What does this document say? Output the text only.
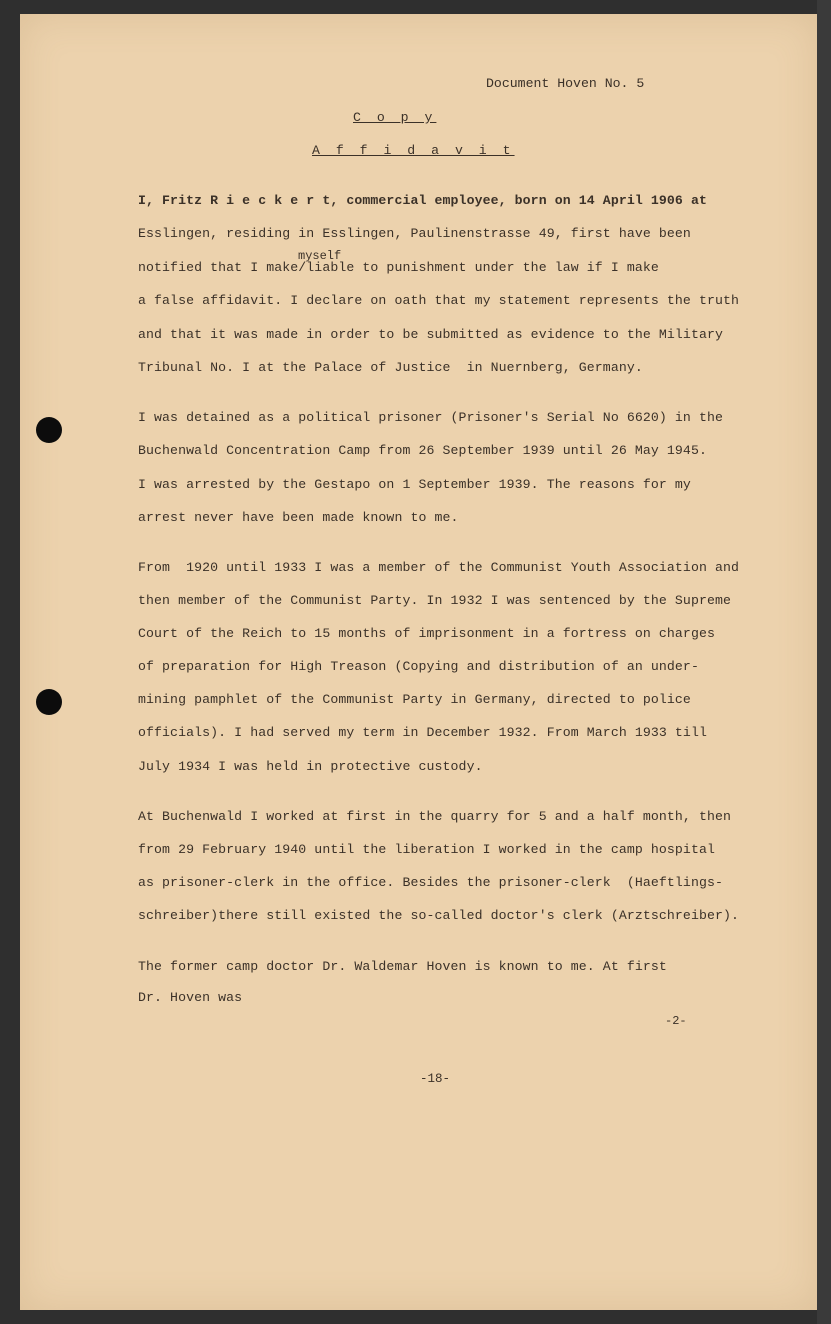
Document Hoven No. 5
C o p y
A f f i d a v i t
I, Fritz R i e c k e r t, commercial employee, born on 14 April 1906 at
Esslingen, residing in Esslingen, Paulinenstrasse 49, first have been
myself
notified that I make/liable to punishment under the law if I make
a false affidavit. I declare on oath that my statement represents the truth
and that it was made in order to be submitted as evidence to the Military
Tribunal No. I at the Palace of Justice  in Nuernberg, Germany.
I was detained as a political prisoner (Prisoner's Serial No 6620) in the
Buchenwald Concentration Camp from 26 September 1939 until 26 May 1945.
I was arrested by the Gestapo on 1 September 1939. The reasons for my
arrest never have been made known to me.
From  1920 until 1933 I was a member of the Communist Youth Association and
then member of the Communist Party. In 1932 I was sentenced by the Supreme
Court of the Reich to 15 months of imprisonment in a fortress on charges
of preparation for High Treason (Copying and distribution of an under-
mining pamphlet of the Communist Party in Germany, directed to police
officials). I had served my term in December 1932. From March 1933 till
July 1934 I was held in protective custody.
At Buchenwald I worked at first in the quarry for 5 and a half month, then
from 29 February 1940 until the liberation I worked in the camp hospital
as prisoner-clerk in the office. Besides the prisoner-clerk  (Haeftlings-
schreiber)there still existed the so-called doctor's clerk (Arztschreiber).
The former camp doctor Dr. Waldemar Hoven is known to me. At first
Dr. Hoven was
-2-
-18-
